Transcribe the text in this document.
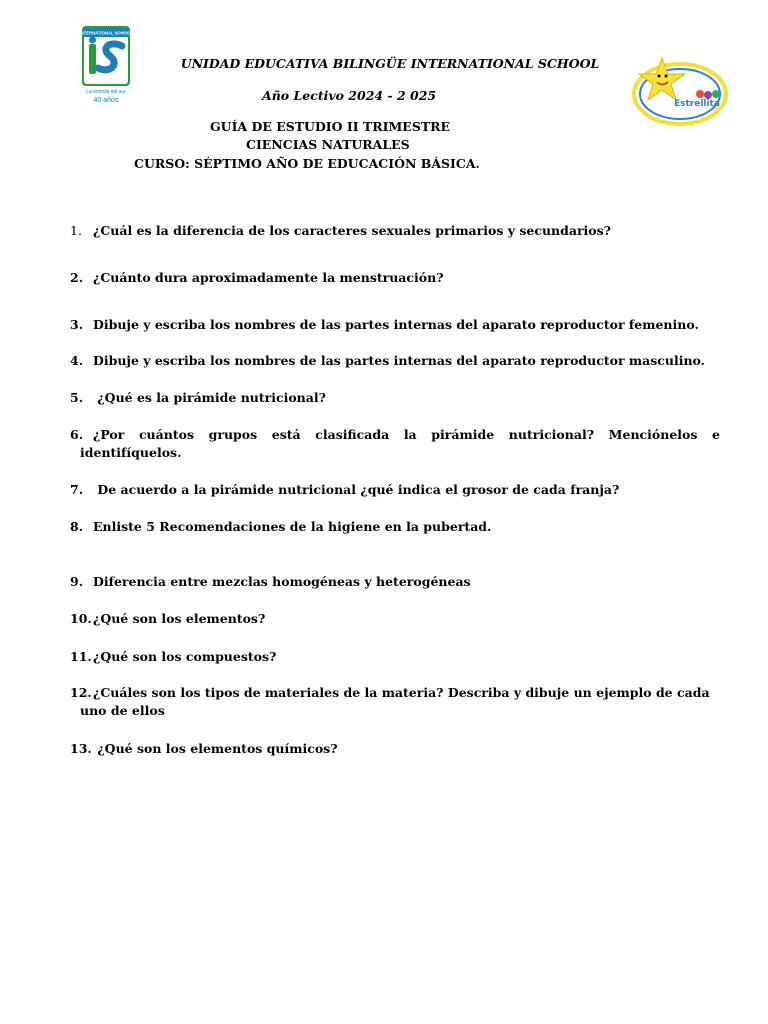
INTERNATIONAL SCHOOL
La estrella del sur
40 años	Estrellita
UNIDAD EDUCATIVA BILINGÜE INTERNATIONAL SCHOOL
Año Lectivo 2024 - 2 025
GUÍA DE ESTUDIO II TRIMESTRE
CIENCIAS NATURALES
CURSO: SÉPTIMO AÑO DE EDUCACIÓN BÁSICA.
1. ¿Cuál es la diferencia de los caracteres sexuales primarios y secundarios?
2. ¿Cuánto dura aproximadamente la menstruación?
3. Dibuje y escriba los nombres de las partes internas del aparato reproductor femenino.
4. Dibuje y escriba los nombres de las partes internas del aparato reproductor masculino.
5. ¿Qué es la pirámide nutricional?
6.¿Por cuántos grupos está clasificada la pirámide nutricional? Menciónelos e
identifíquelos.
7. De acuerdo a la pirámide nutricional ¿qué indica el grosor de cada franja?
8. Enliste 5 Recomendaciones de la higiene en la pubertad.
9. Diferencia entre mezclas homogéneas y heterogéneas
10.¿Qué son los elementos?
11.¿Qué son los compuestos?
12.¿Cuáles son los tipos de materiales de la materia? Describa y dibuje un ejemplo de cada
uno de ellos
13. ¿Qué son los elementos químicos?
